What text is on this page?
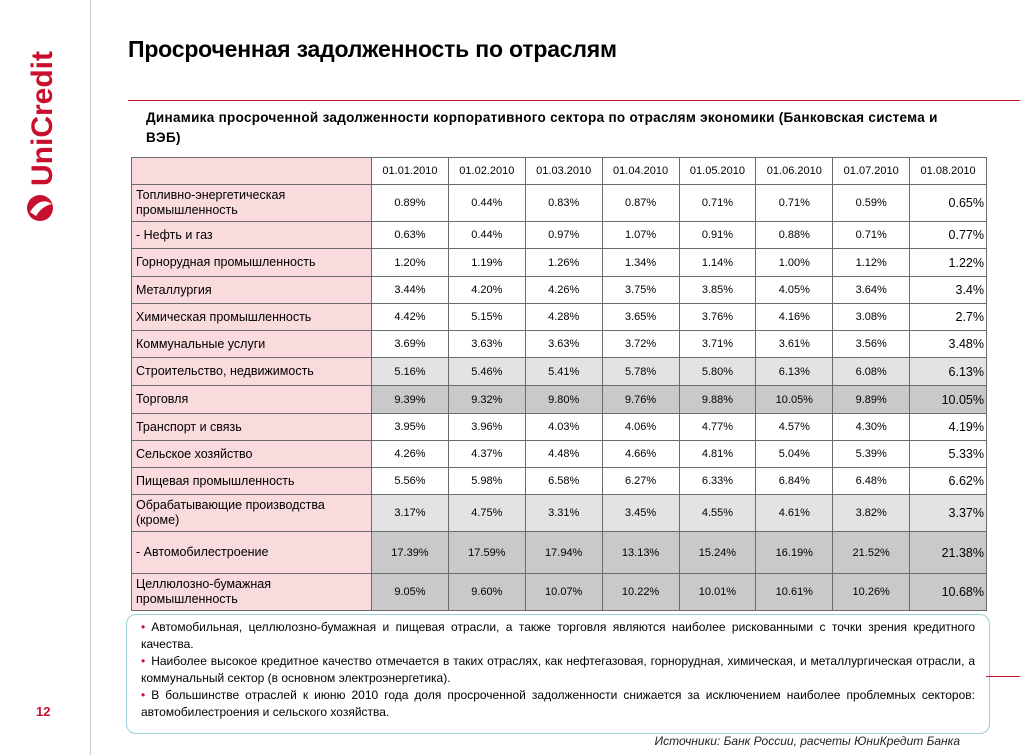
UniCredit
Просроченная задолженность по отраслям
Динамика просроченной задолженности корпоративного сектора по отраслям экономики (Банковская система и ВЭБ)
	01.01.2010	01.02.2010	01.03.2010	01.04.2010	01.05.2010	01.06.2010	01.07.2010	01.08.2010
Топливно-энергетическая промышленность	0.89%	0.44%	0.83%	0.87%	0.71%	0.71%	0.59%	0.65%
- Нефть и газ	0.63%	0.44%	0.97%	1.07%	0.91%	0.88%	0.71%	0.77%
Горнорудная промышленность	1.20%	1.19%	1.26%	1.34%	1.14%	1.00%	1.12%	1.22%
Металлургия	3.44%	4.20%	4.26%	3.75%	3.85%	4.05%	3.64%	3.4%
Химическая промышленность	4.42%	5.15%	4.28%	3.65%	3.76%	4.16%	3.08%	2.7%
Коммунальные услуги	3.69%	3.63%	3.63%	3.72%	3.71%	3.61%	3.56%	3.48%
Строительство, недвижимость	5.16%	5.46%	5.41%	5.78%	5.80%	6.13%	6.08%	6.13%
Торговля	9.39%	9.32%	9.80%	9.76%	9.88%	10.05%	9.89%	10.05%
Транспорт и связь	3.95%	3.96%	4.03%	4.06%	4.77%	4.57%	4.30%	4.19%
Сельское хозяйство	4.26%	4.37%	4.48%	4.66%	4.81%	5.04%	5.39%	5.33%
Пищевая промышленность	5.56%	5.98%	6.58%	6.27%	6.33%	6.84%	6.48%	6.62%
Обрабатывающие производства (кроме)	3.17%	4.75%	3.31%	3.45%	4.55%	4.61%	3.82%	3.37%
- Автомобилестроение	17.39%	17.59%	17.94%	13.13%	15.24%	16.19%	21.52%	21.38%
Целлюлозно-бумажная промышленность	9.05%	9.60%	10.07%	10.22%	10.01%	10.61%	10.26%	10.68%
• Автомобильная, целлюлозно-бумажная и пищевая отрасли, а также торговля являются наиболее рискованными с точки зрения кредитного качества.
• Наиболее высокое кредитное качество отмечается в таких отраслях, как нефтегазовая, горнорудная, химическая, и металлургическая отрасли, а коммунальный сектор (в основном электроэнергетика).
• В большинстве отраслей к июню 2010 года доля просроченной задолженности снижается за исключением наиболее проблемных секторов: автомобилестроения и сельского хозяйства.
Источники: Банк России, расчеты ЮниКредит Банка
12
